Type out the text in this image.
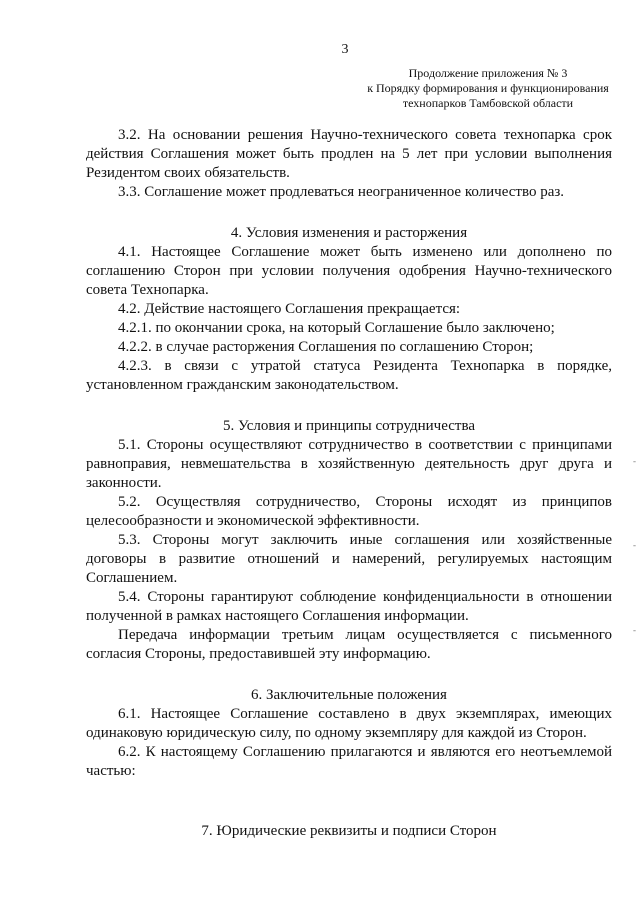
3
Продолжение приложения № 3
к Порядку формирования и функционирования
технопарков Тамбовской области

3.2. На основании решения Научно-технического совета технопарка срок действия Соглашения может быть продлен на 5 лет при условии выполнения Резидентом своих обязательств.

3.3. Соглашение может продлеваться неограниченное количество раз.

4. Условия изменения и расторжения

4.1. Настоящее Соглашение может быть изменено или дополнено по соглашению Сторон при условии получения одобрения Научно-технического совета Технопарка.

4.2. Действие настоящего Соглашения прекращается:

4.2.1. по окончании срока, на который Соглашение было заключено;

4.2.2. в случае расторжения Соглашения по соглашению Сторон;

4.2.3. в связи с утратой статуса Резидента Технопарка в порядке, установленном гражданским законодательством.

5. Условия и принципы сотрудничества

5.1. Стороны осуществляют сотрудничество в соответствии с принципами равноправия, невмешательства в хозяйственную деятельность друг друга и законности.

5.2. Осуществляя сотрудничество, Стороны исходят из принципов целесообразности и экономической эффективности.

5.3. Стороны могут заключить иные соглашения или хозяйственные договоры в развитие отношений и намерений, регулируемых настоящим Соглашением.

5.4. Стороны гарантируют соблюдение конфиденциальности в отношении полученной в рамках настоящего Соглашения информации.

Передача информации третьим лицам осуществляется с письменного согласия Стороны, предоставившей эту информацию.

6. Заключительные положения

6.1. Настоящее Соглашение составлено в двух экземплярах, имеющих одинаковую юридическую силу, по одному экземпляру для каждой из Сторон.

6.2. К настоящему Соглашению прилагаются и являются его неотъемлемой частью:

7. Юридические реквизиты и подписи Сторон
-
-
-
